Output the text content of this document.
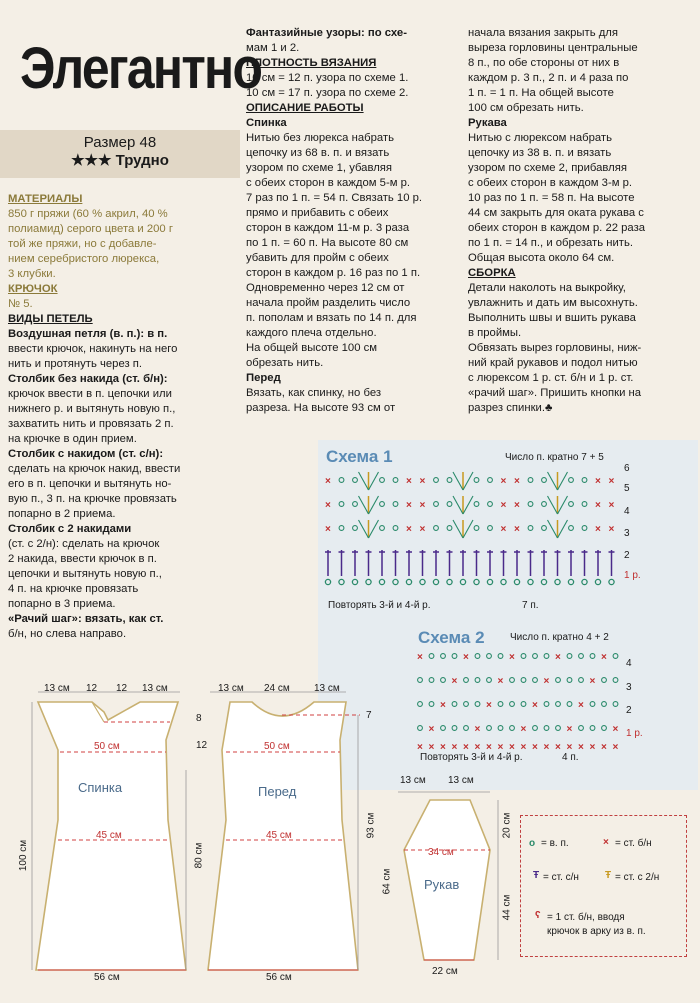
Элегантно
Размер 48
★★★ Трудно

МАТЕРИАЛЫ

850 г пряжи (60 % акрил, 40 %

полиамид) серого цвета и 200 г

той же пряжи, но с добавле-

нием серебристого люрекса,

3 клубки.

КРЮЧОК

№ 5.

ВИДЫ ПЕТЕЛЬ

Воздушная петля (в. п.): в п.

ввести крючок, накинуть на него

нить и протянуть через п.

Столбик без накида (ст. б/н):

крючок ввести в п. цепочки или

нижнего р. и вытянуть новую п.,

захватить нить и провязать 2 п.

на крючке в один прием.

Столбик с накидом (ст. с/н):

сделать на крючок накид, ввести

его в п. цепочки и вытянуть но-

вую п., 3 п. на крючке провязать

попарно в 2 приема.

Столбик с 2 накидами

(ст. с 2/н): сделать на крючок

2 накида, ввести крючок в п.

цепочки и вытянуть новую п.,

4 п. на крючке провязать

попарно в 3 приема.

«Рачий шаг»: вязать, как ст.

б/н, но слева направо.

Фантазийные узоры: по схе-

мам 1 и 2.

ПЛОТНОСТЬ ВЯЗАНИЯ

10 см = 12 п. узора по схеме 1.

10 см = 17 п. узора по схеме 2.

ОПИСАНИЕ РАБОТЫ

Спинка

Нитью без люрекса набрать

цепочку из 68 в. п. и вязать

узором по схеме 1, убавляя

с обеих сторон в каждом 5-м р.

7 раз по 1 п. = 54 п. Связать 10 р.

прямо и прибавить с обеих

сторон в каждом 11-м р. 3 раза

по 1 п. = 60 п. На высоте 80 см

убавить для пройм с обеих

сторон в каждом р. 16 раз по 1 п.

Одновременно через 12 см от

начала пройм разделить число

п. пополам и вязать по 14 п. для

каждого плеча отдельно.

На общей высоте 100 см

обрезать нить.

Перед

Вязать, как спинку, но без

разреза. На высоте 93 см от

начала вязания закрыть для

выреза горловины центральные

8 п., по обе стороны от них в

каждом р. 3 п., 2 п. и 4 раза по

1 п. = 1 п. На общей высоте

100 см обрезать нить.

Рукава

Нитью с люрексом набрать

цепочку из 38 в. п. и вязать

узором по схеме 2, прибавляя

с обеих сторон в каждом 3-м р.

10 раз по 1 п. = 58 п. На высоте

44 см закрыть для оката рукава с

обеих сторон в каждом р. 22 раза

по 1 п. = 14 п., и обрезать нить.

Общая высота около 64 см.

СБОРКА

Детали наколоть на выкройку,

увлажнить и дать им высохнуть.

Выполнить швы и вшить рукава

в проймы.

Обвязать вырез горловины, ниж-

ний край рукавов и подол нитью

с люрексом 1 р. ст. б/н и 1 р. ст.

«рачий шаг». Пришить кнопки на

разрез спинки.♣

Схема 1	Число п. кратно 7 + 5
×	× ×	× ×	× ×
×	× ×	× ×	× ×
×	× ×	× ×	× ×
6
5
4
3
2
1 р.
Повторять 3-й и 4-й р.	7 п.
Схема 2	Число п. кратно 4 + 2
×	×	×	×	×
×	×	×	×
×	×	×	×
×	×	×	×	×
× × × × × × × × × × × × × × × × × ×
4
3
2
1 р.
Повторять 3-й и 4-й р.	4 п.
13 см 12 12 13 см
8
12
50 см
Спинка
45 см
100 см	80 см
56 см
13 см 24 см 13 см
7
50 см
Перед
45 см	93 см
56 см
13 см 13 см
34 см
Рукав
64 см
20 см
44 см
22 см
o = в. п.	× = ст. б/н
Ŧ = ст. с/н	Ŧ = ст. с 2/н
ʕ = 1 ст. б/н, вводя
крючок в арку из в. п.
